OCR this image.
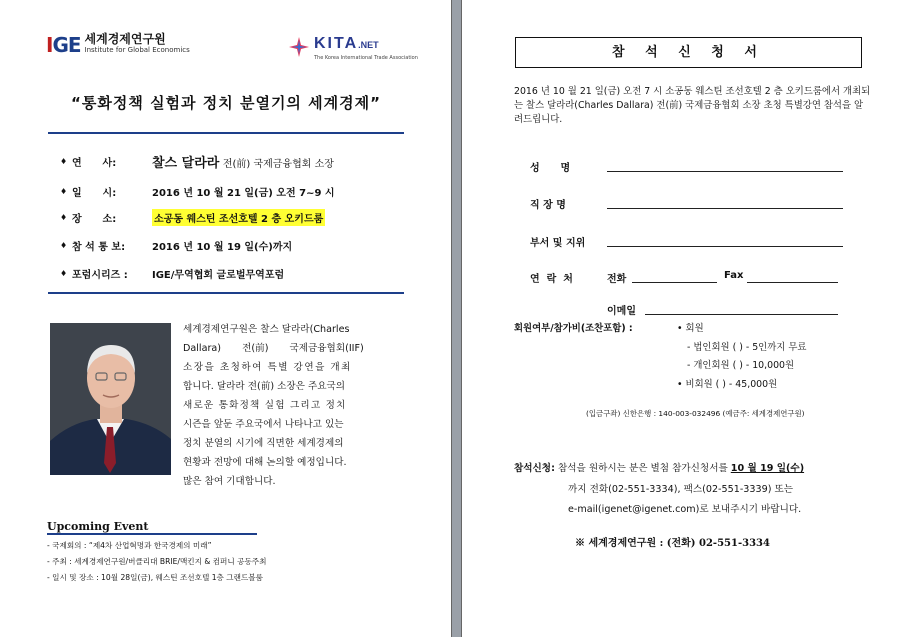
IGE 세계경제연구원
Institute for Global Economics	KITA.NET
The Korea International Trade Association
“통화정책 실험과 정치 분열기의 세계경제”
♦ 연      사:	찰스 달라라 전(前) 국제금융협회 소장
♦ 일      시:	2016 년 10 월 21 일(금) 오전 7~9 시
♦ 장      소:	소공동 웨스틴 조선호텔 2 층 오키드룸
♦ 참 석 통 보:	2016 년 10 월 19 일(수)까지
♦ 포럼시리즈 :	IGE/무역협회 글로벌무역포럼
세계경제연구원은 찰스 달라라(Charles
Dallara) 전(前) 국제금융협회(IIF)
소장을 초청하여 특별 강연을 개최
합니다. 달라라 전(前) 소장은 주요국의
새로운 통화정책 실험 그리고 정치
시즌을 앞둔 주요국에서 나타나고 있는
정치 분열의 시기에 직면한 세계경제의
현황과 전망에 대해 논의할 예정입니다.
많은 참여 기대합니다.
Upcoming Event
- 국제회의 : “제4차 산업혁명과 한국경제의 미래”
- 주최 : 세계경제연구원/버클리대 BRIE/맥킨지 & 컴퍼니 공동주최
- 일시 및 장소 : 10월 28일(금), 웨스틴 조선호텔 1층 그랜드볼룸
참 석 신 청 서
2016 년 10 월 21 일(금) 오전 7 시 소공동 웨스틴 조선호텔 2 층 오키드룸에서 개최되는 찰스 달라라(Charles Dallara) 전(前) 국제금융협회 소장 초청 특별강연 참석을 알려드립니다.
성      명
직 장 명
부서 및 지위
연  락  처	전화	Fax
이메일
회원여부/참가비(조찬포함) :	• 회원
- 법인회원 ( ) - 5인까지 무료
- 개인회원 ( ) - 10,000원
• 비회원 ( ) - 45,000원
(입금구좌) 신한은행 : 140-003-032496 (예금주: 세계경제연구원)
참석신청: 참석을 원하시는 분은 별첨 참가신청서를 10 월 19 일(수)
까지 전화(02-551-3334), 팩스(02-551-3339) 또는
e-mail(igenet@igenet.com)로 보내주시기 바랍니다.
※ 세계경제연구원 : (전화) 02-551-3334
